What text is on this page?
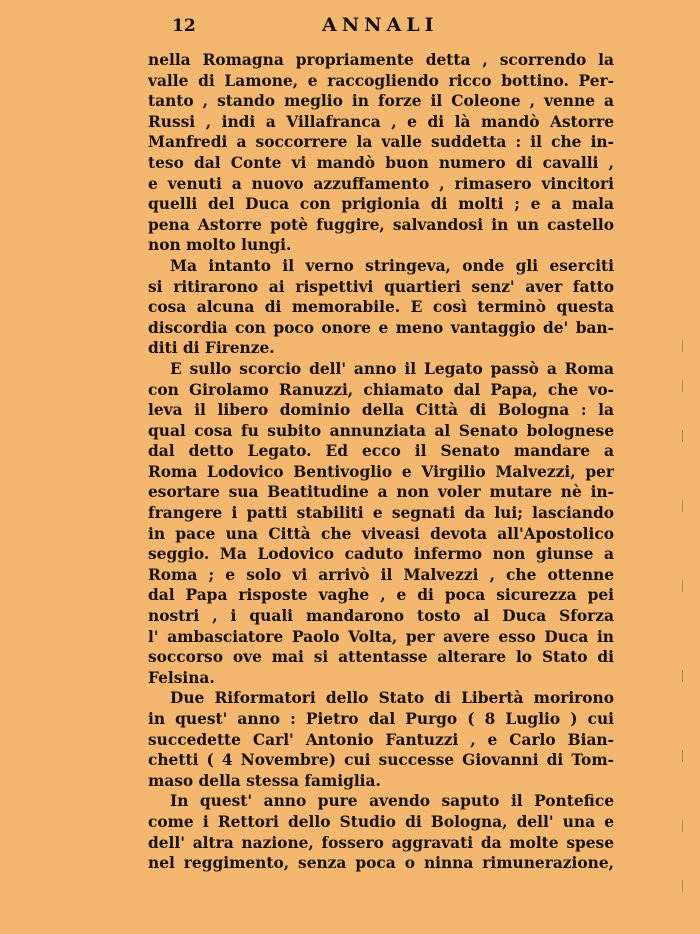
12	ANNALI
nella Romagna propriamente detta , scorrendo la
valle di Lamone, e raccogliendo ricco bottino. Per-
tanto , stando meglio in forze il Coleone , venne a
Russi , indi a Villafranca , e di là mandò Astorre
Manfredi a soccorrere la valle suddetta : il che in-
teso dal Conte vi mandò buon numero di cavalli ,
e venuti a nuovo azzuffamento , rimasero vincitori
quelli del Duca con prigionia di molti ; e a mala
pena Astorre potè fuggire, salvandosi in un castello
non molto lungi.
Ma intanto il verno stringeva, onde gli eserciti
si ritirarono ai rispettivi quartieri senz' aver fatto
cosa alcuna di memorabile. E così terminò questa
discordia con poco onore e meno vantaggio de' ban-
diti di Firenze.
E sullo scorcio dell' anno il Legato passò a Roma
con Girolamo Ranuzzi, chiamato dal Papa, che vo-
leva il libero dominio della Città di Bologna : la
qual cosa fu subito annunziata al Senato bolognese
dal detto Legato. Ed ecco il Senato mandare a
Roma Lodovico Bentivoglio e Virgilio Malvezzi, per
esortare sua Beatitudine a non voler mutare nè in-
frangere i patti stabiliti e segnati da lui; lasciando
in pace una Città che viveasi devota all'Apostolico
seggio. Ma Lodovico caduto infermo non giunse a
Roma ; e solo vi arrivò il Malvezzi , che ottenne
dal Papa risposte vaghe , e di poca sicurezza pei
nostri , i quali mandarono tosto al Duca Sforza
l' ambasciatore Paolo Volta, per avere esso Duca in
soccorso ove mai si attentasse alterare lo Stato di
Felsina.
Due Riformatori dello Stato di Libertà morirono
in quest' anno : Pietro dal Purgo ( 8 Luglio ) cui
succedette Carl' Antonio Fantuzzi , e Carlo Bian-
chetti ( 4 Novembre) cui successe Giovanni di Tom-
maso della stessa famiglia.
In quest' anno pure avendo saputo il Pontefice
come i Rettori dello Studio di Bologna, dell' una e
dell' altra nazione, fossero aggravati da molte spese
nel reggimento, senza poca o ninna rimunerazione,
